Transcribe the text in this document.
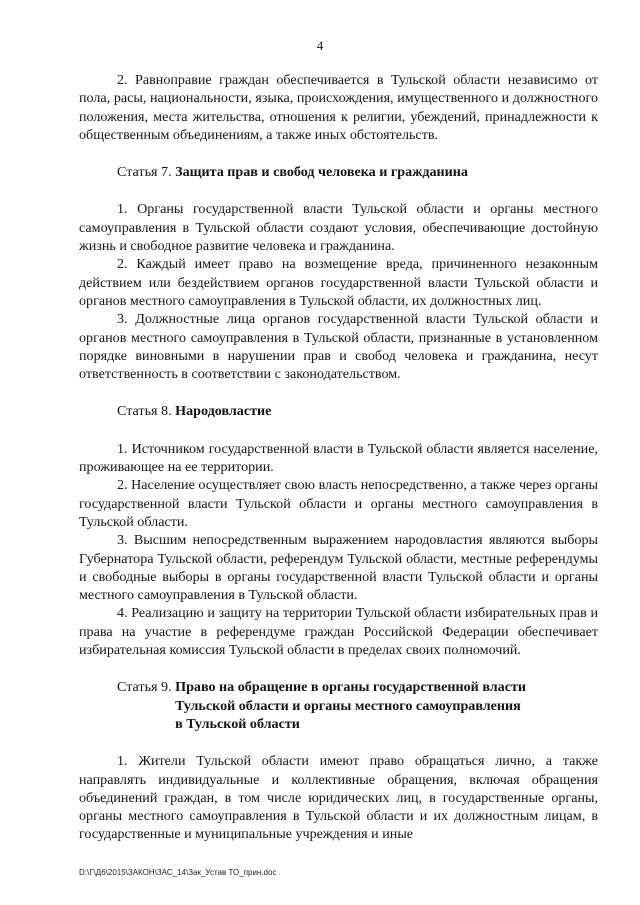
4

2. Равноправие граждан обеспечивается в Тульской области независимо от пола, расы, национальности, языка, происхождения, имущественного и должностного положения, места жительства, отношения к религии, убеждений, принадлежности к общественным объединениям, а также иных обстоятельств.

Статья 7. Защита прав и свобод человека и гражданина

1. Органы государственной власти Тульской области и органы местного самоуправления в Тульской области создают условия, обеспечивающие достойную жизнь и свободное развитие человека и гражданина.

2. Каждый имеет право на возмещение вреда, причиненного незаконным действием или бездействием органов государственной власти Тульской области и органов местного самоуправления в Тульской области, их должностных лиц.

3. Должностные лица органов государственной власти Тульской области и органов местного самоуправления в Тульской области, признанные в установленном порядке виновными в нарушении прав и свобод человека и гражданина, несут ответственность в соответствии с законодательством.

Статья 8. Народовластие

1. Источником государственной власти в Тульской области является население, проживающее на ее территории.

2. Население осуществляет свою власть непосредственно, а также через органы государственной власти Тульской области и органы местного самоуправления в Тульской области.

3. Высшим непосредственным выражением народовластия являются выборы Губернатора Тульской области, референдум Тульской области, местные референдумы и свободные выборы в органы государственной власти Тульской области и органы местного самоуправления в Тульской области.

4. Реализацию и защиту на территории Тульской области избирательных прав и права на участие в референдуме граждан Российской Федерации обеспечивает избирательная комиссия Тульской области в пределах своих полномочий.

Статья 9. Право на обращение в органы государственной власти
Тульской области и органы местного самоуправления
в Тульской области

1. Жители Тульской области имеют право обращаться лично, а также направлять индивидуальные и коллективные обращения, включая обращения объединений граждан, в том числе юридических лиц, в государственные органы, органы местного самоуправления в Тульской области и их должностным лицам, в государственные и муниципальные учреждения и иные

D:\Г\Д6\2015\ЗАКОН\ЗАС_14\Зак_Устав ТО_прин.doc
